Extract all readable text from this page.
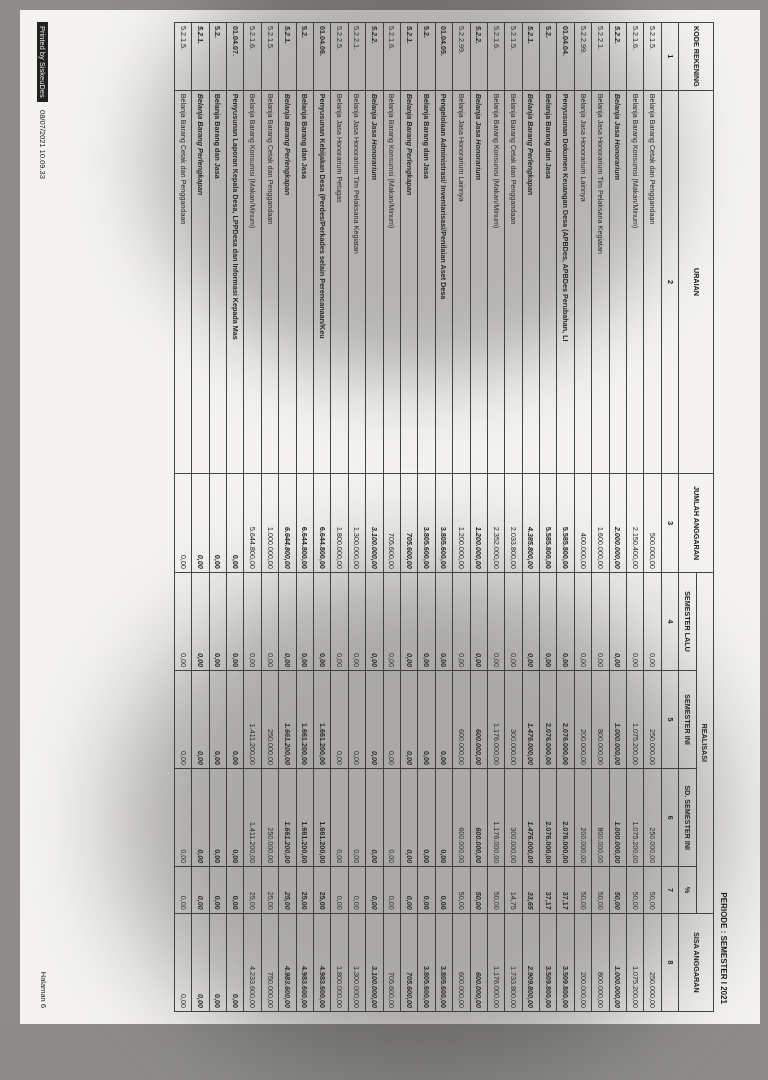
PERIODE : SEMESTER I 2021
KODE REKENING	URAIAN	JUMLAH ANGGARAN	REALISASI				SISA ANGGARAN
			SEMESTER LALU	SEMESTER INI	SD. SEMESTER INI	%	
1	2	3	4	5	6	7	8
5.2.1.5.	Belanja Barang Cetak dan Penggandaan	500.000,00	0,00	250.000,00	250.000,00	50,00	250.000,00
5.2.1.6.	Belanja Barang Konsumsi (Makan/Minum)	2.150.400,00	0,00	1.075.200,00	1.075.200,00	50,00	1.075.200,00
5.2.2.	Belanja Jasa Honorarium	2.000.000,00	0,00	1.000.000,00	1.000.000,00	50,00	1.000.000,00
5.2.2.1.	Belanja Jasa Honorarium Tim Pelaksana Kegiatan	1.600.000,00	0,00	800.000,00	800.000,00	50,00	800.000,00
5.2.2.99.	Belanja Jasa Honorarium Lainnya	400.000,00	0,00	200.000,00	200.000,00	50,00	200.000,00
01.04.04.	Penyusunan Dokumen Keuangan Desa (APBDes, APBDes Perubahan, LI	5.585.800,00	0,00	2.076.000,00	2.076.000,00	37,17	3.509.800,00
5.2.	Belanja Barang dan Jasa	5.585.800,00	0,00	2.076.000,00	2.076.000,00	37,17	3.509.800,00
5.2.1.	Belanja Barang Perlengkapan	4.385.800,00	0,00	1.476.000,00	1.476.000,00	33,65	2.909.800,00
5.2.1.5.	Belanja Barang Cetak dan Penggandaan	2.033.800,00	0,00	300.000,00	300.000,00	14,75	1.733.800,00
5.2.1.6.	Belanja Barang Konsumsi (Makan/Minum)	2.352.000,00	0,00	1.176.000,00	1.176.000,00	50,00	1.176.000,00
5.2.2.	Belanja Jasa Honorarium	1.200.000,00	0,00	600.000,00	600.000,00	50,00	600.000,00
5.2.2.99.	Belanja Jasa Honorarium Lainnya	1.200.000,00	0,00	600.000,00	600.000,00	50,00	600.000,00
01.04.05.	Pengelolaan Administrasi/ Inventarisasi/Penilaian Aset Desa	3.805.600,00	0,00	0,00	0,00	0,00	3.805.600,00
5.2.	Belanja Barang dan Jasa	3.805.600,00	0,00	0,00	0,00	0,00	3.805.600,00
5.2.1.	Belanja Barang Perlengkapan	705.600,00	0,00	0,00	0,00	0,00	705.600,00
5.2.1.6.	Belanja Barang Konsumsi (Makan/Minum)	705.600,00	0,00	0,00	0,00	0,00	705.600,00
5.2.2.	Belanja Jasa Honorarium	3.100.000,00	0,00	0,00	0,00	0,00	3.100.000,00
5.2.2.1.	Belanja Jasa Honorarium Tim Pelaksana Kegiatan	1.300.000,00	0,00	0,00	0,00	0,00	1.300.000,00
5.2.2.5.	Belanja Jasa Honorarium Petugas	1.800.000,00	0,00	0,00	0,00	0,00	1.800.000,00
01.04.06.	Penyusunan Kebijakan Desa (Perdes/Perkades selain Perencanaan/Keu	6.644.800,00	0,00	1.661.200,00	1.661.200,00	25,00	4.983.600,00
5.2.	Belanja Barang dan Jasa	6.644.800,00	0,00	1.661.200,00	1.661.200,00	25,00	4.983.600,00
5.2.1.	Belanja Barang Perlengkapan	6.644.800,00	0,00	1.661.200,00	1.661.200,00	25,00	4.983.600,00
5.2.1.5.	Belanja Barang Cetak dan Penggandaan	1.000.000,00	0,00	250.000,00	250.000,00	25,00	750.000,00
5.2.1.6.	Belanja Barang Konsumsi (Makan/Minum)	5.644.800,00	0,00	1.411.200,00	1.411.200,00	25,00	4.233.600,00
01.04.07.	Penyusunan Laporan Kepala Desa, LPPDesa dan Informasi Kepada Mas	0,00	0,00	0,00	0,00	0,00	0,00
5.2.	Belanja Barang dan Jasa	0,00	0,00	0,00	0,00	0,00	0,00
5.2.1.	Belanja Barang Perlengkapan	0,00	0,00	0,00	0,00	0,00	0,00
5.2.1.5.	Belanja Barang Cetak dan Penggandaan	0,00	0,00	0,00	0,00	0,00	0,00
Printed by SiskeuDes    08/07/2021 10.09.33
Halaman 6
